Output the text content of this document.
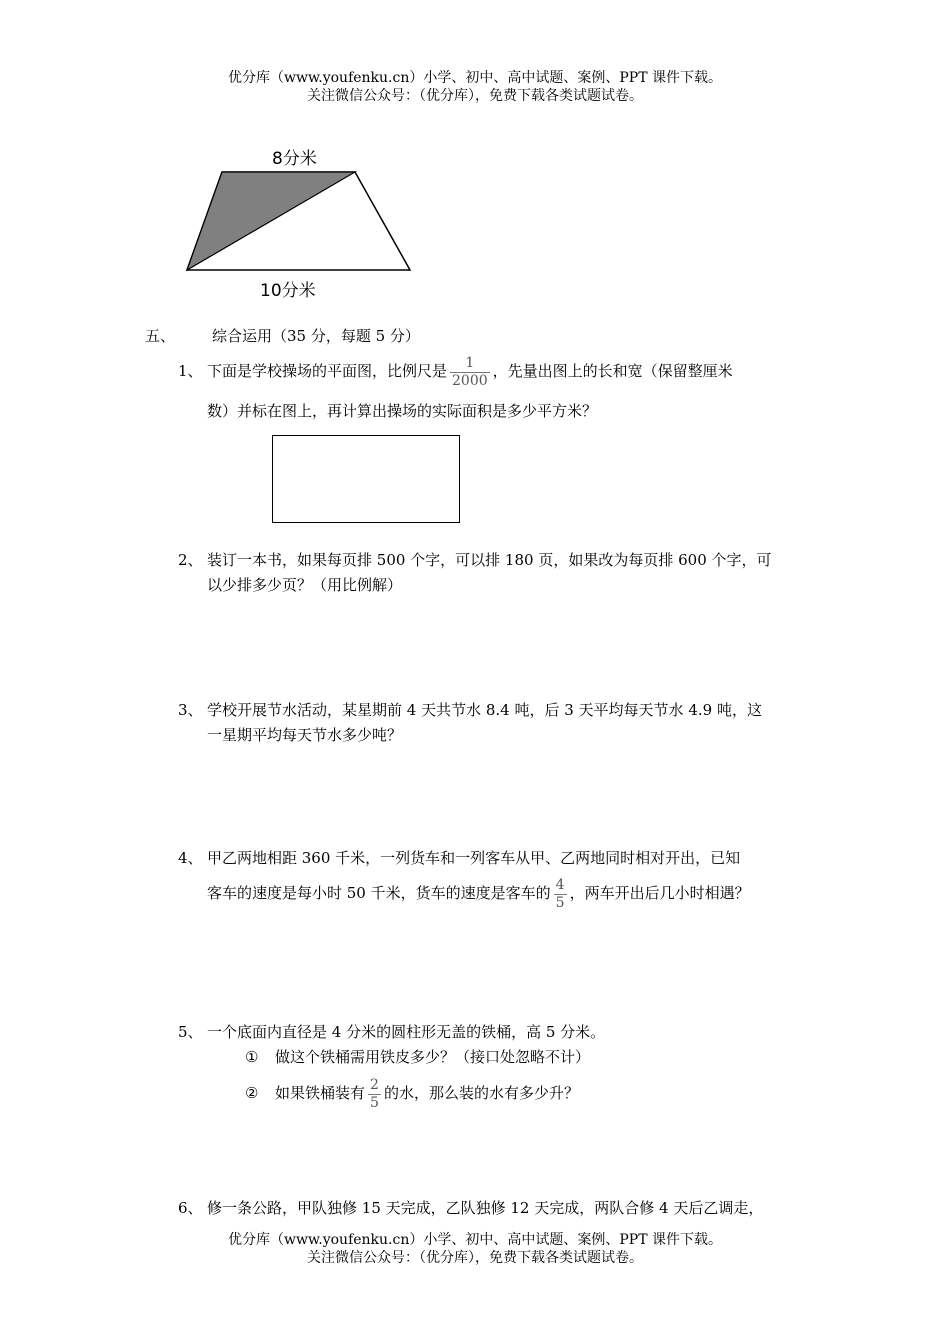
优分库（www.youfenku.cn）小学、初中、高中试题、案例、PPT 课件下载。
关注微信公众号：（优分库），免费下载各类试题试卷。
8分米
10分米
五、 综合运用（35 分，每题 5 分）
1、 下面是学校操场的平面图，比例尺是 $\frac{1}{2000}$ ，先量出图上的长和宽（保留整厘米
数）并标在图上，再计算出操场的实际面积是多少平方米？
2、 装订一本书，如果每页排 500 个字，可以排 180 页，如果改为每页排 600 个字，可
以少排多少页？（用比例解）
3、 学校开展节水活动，某星期前 4 天共节水 8.4 吨，后 3 天平均每天节水 4.9 吨，这
一星期平均每天节水多少吨？
4、 甲乙两地相距 360 千米，一列货车和一列客车从甲、乙两地同时相对开出，已知
客车的速度是每小时 50 千米，货车的速度是客车的 $\frac{4}{5}$ ，两车开出后几小时相遇？
5、 一个底面内直径是 4 分米的圆柱形无盖的铁桶，高 5 分米。
① 做这个铁桶需用铁皮多少？（接口处忽略不计）
② 如果铁桶装有 $\frac{2}{5}$ 的水，那么装的水有多少升？
6、 修一条公路，甲队独修 15 天完成，乙队独修 12 天完成，两队合修 4 天后乙调走，
优分库（www.youfenku.cn）小学、初中、高中试题、案例、PPT 课件下载。
关注微信公众号：（优分库），免费下载各类试题试卷。
